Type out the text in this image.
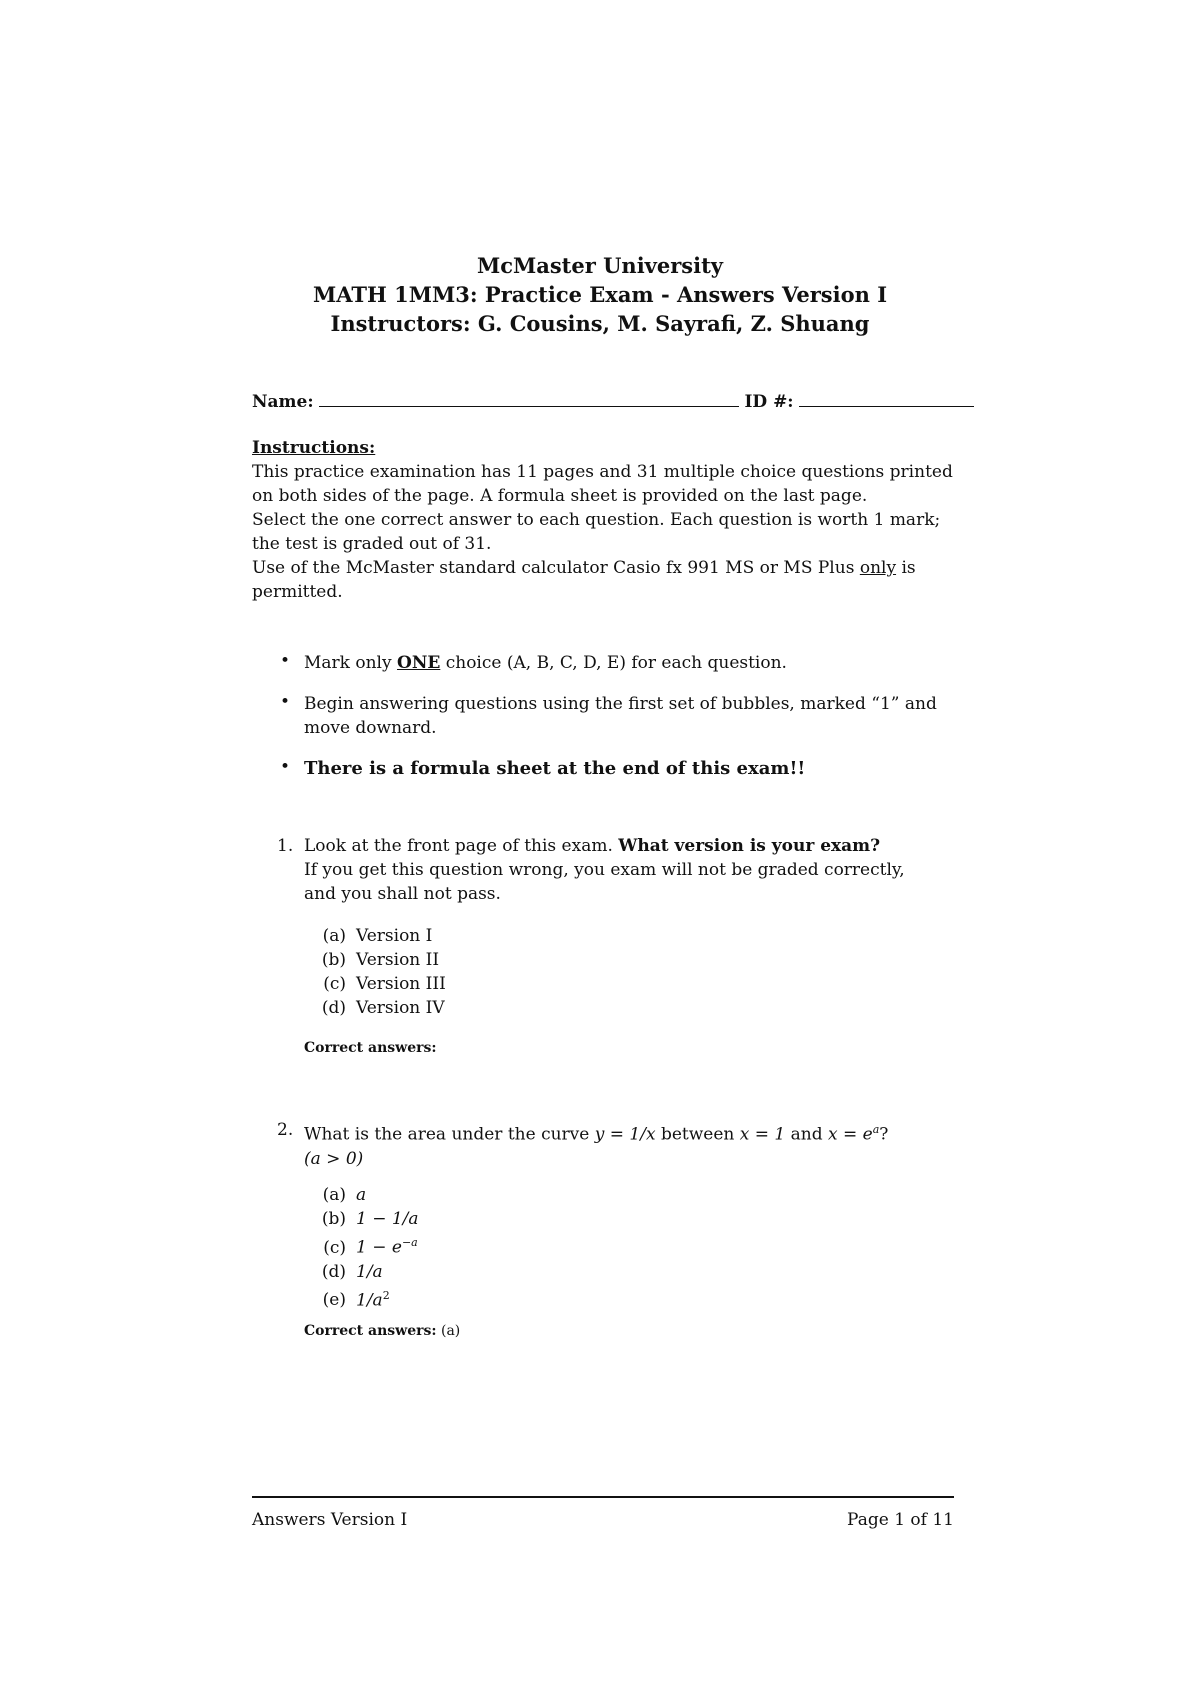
McMaster University
MATH 1MM3: Practice Exam - Answers Version I
Instructors: G. Cousins, M. Sayrafi, Z. Shuang
Name:	ID #:
Instructions:
This practice examination has 11 pages and 31 multiple choice questions printed
on both sides of the page. A formula sheet is provided on the last page.
Select the one correct answer to each question. Each question is worth 1 mark;
the test is graded out of 31.
Use of the McMaster standard calculator Casio fx 991 MS or MS Plus only is
permitted.
• Mark only ONE choice (A, B, C, D, E) for each question.
• Begin answering questions using the first set of bubbles, marked “1” and
move downard.
• There is a formula sheet at the end of this exam!!
1. Look at the front page of this exam. What version is your exam?
If you get this question wrong, you exam will not be graded correctly,
and you shall not pass.
(a) Version I
(b) Version II
(c) Version III
(d) Version IV
Correct answers:
2. What is the area under the curve y = 1/x between x = 1 and $x = e^a$?
(a > 0)
(a) a
(b) 1 − 1/a
(c) $1 - e^{-a}$
(d) 1/a
(e) $1/a^2$
Correct answers: (a)
Answers Version I	Page 1 of 11
